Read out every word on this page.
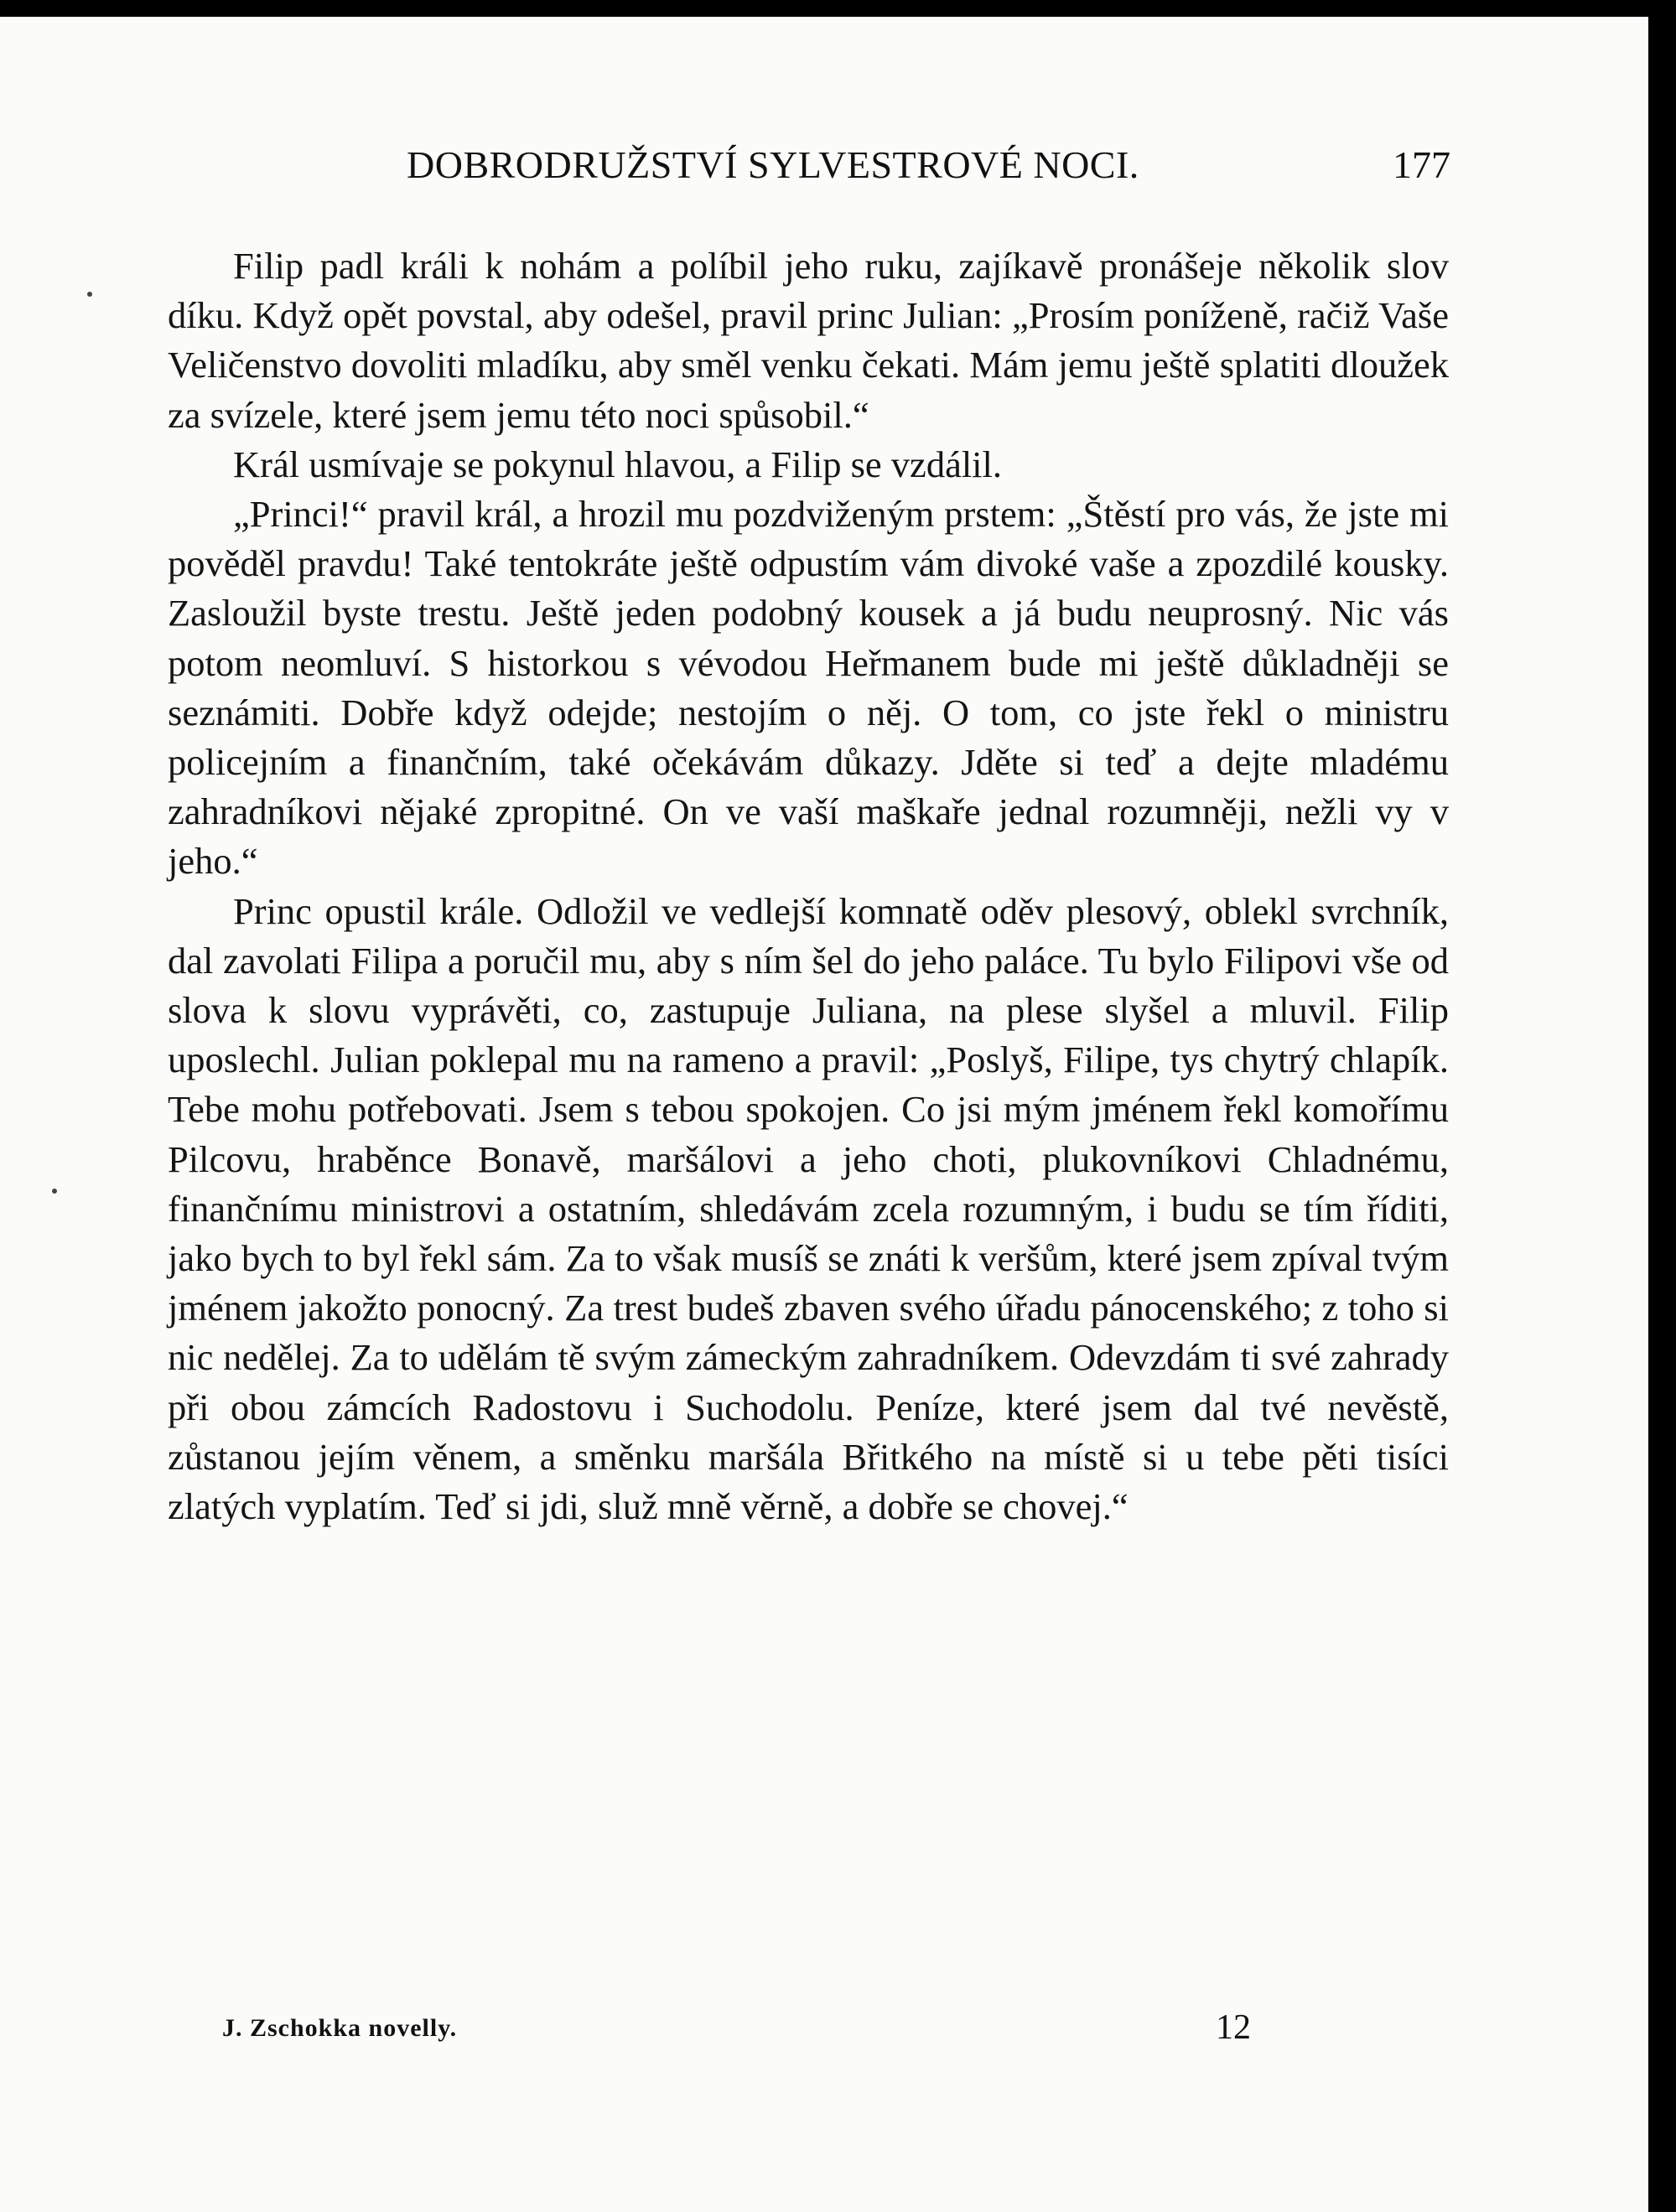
DOBRODRUŽSTVÍ SYLVESTROVÉ NOCI.	177

Filip padl králi k nohám a políbil jeho ruku, zajíkavě pronášeje několik slov díku. Když opět povstal, aby odešel, pravil princ Julian: „Prosím poníženě, račiž Vaše Veličenstvo dovoliti mladíku, aby směl venku čekati. Mám jemu ještě splatiti dloužek za svízele, které jsem jemu této noci spůsobil.“

Král usmívaje se pokynul hlavou, a Filip se vzdálil.

„Princi!“ pravil král, a hrozil mu pozdviženým prstem: „Štěstí pro vás, že jste mi pověděl pravdu! Také tentokráte ještě odpustím vám divoké vaše a zpozdilé kousky. Zasloužil byste trestu. Ještě jeden podobný kousek a já budu neuprosný. Nic vás potom neomluví. S historkou s vévodou Heřmanem bude mi ještě důkladněji se seznámiti. Dobře když odejde; nestojím o něj. O tom, co jste řekl o ministru policejním a finančním, také očekávám důkazy. Jděte si teď a dejte mladému zahradníkovi nějaké zpropitné. On ve vaší maškaře jednal rozumněji, nežli vy v jeho.“

Princ opustil krále. Odložil ve vedlejší komnatě oděv plesový, oblekl svrchník, dal zavolati Filipa a poručil mu, aby s ním šel do jeho paláce. Tu bylo Filipovi vše od slova k slovu vyprávěti, co, zastupuje Juliana, na plese slyšel a mluvil. Filip uposlechl. Julian poklepal mu na rameno a pravil: „Poslyš, Filipe, tys chytrý chlapík. Tebe mohu potřebovati. Jsem s tebou spokojen. Co jsi mým jménem řekl komořímu Pilcovu, hraběnce Bonavě, maršálovi a jeho choti, plukovníkovi Chladnému, finančnímu ministrovi a ostatním, shledávám zcela rozumným, i budu se tím říditi, jako bych to byl řekl sám. Za to však musíš se znáti k veršům, které jsem zpíval tvým jménem jakožto ponocný. Za trest budeš zbaven svého úřadu pánocenského; z toho si nic nedělej. Za to udělám tě svým zámeckým zahradníkem. Odevzdám ti své zahrady při obou zámcích Radostovu i Suchodolu. Peníze, které jsem dal tvé nevěstě, zůstanou jejím věnem, a směnku maršála Břitkého na místě si u tebe pěti tisíci zlatých vyplatím. Teď si jdi, služ mně věrně, a dobře se chovej.“

J. Zschokka novelly.	12
